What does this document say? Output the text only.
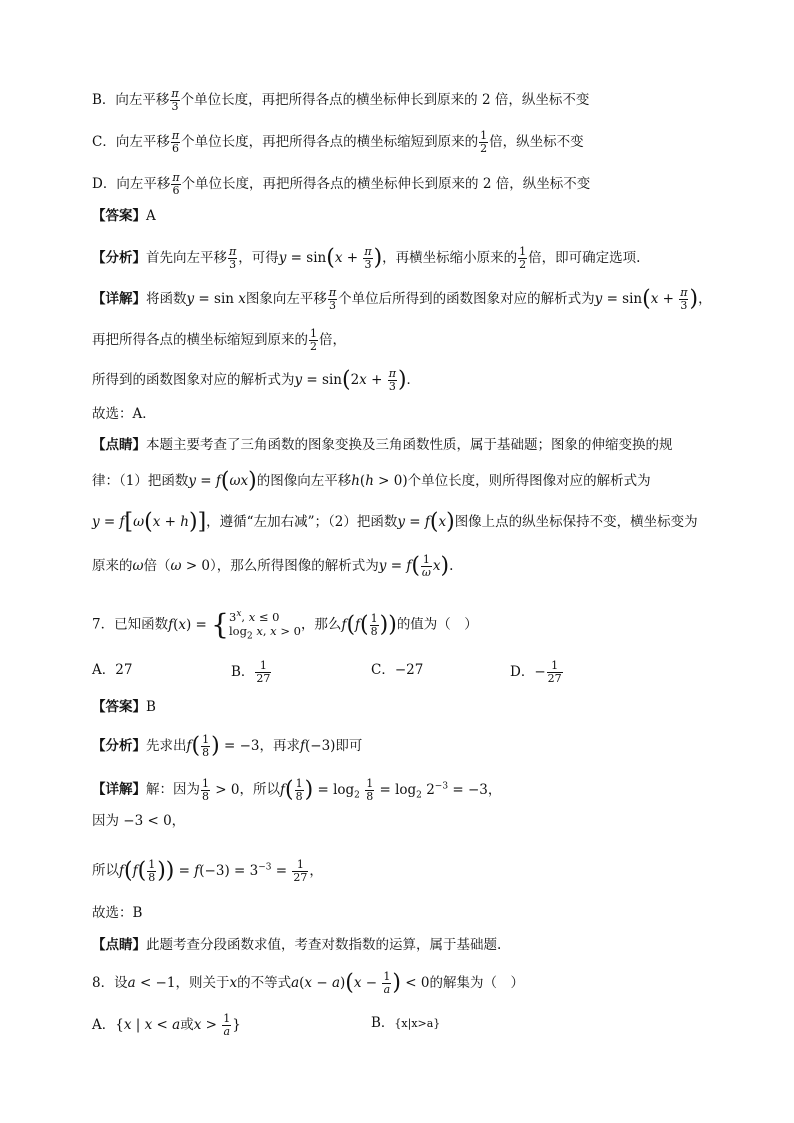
B．向左平移 $\frac{\pi}{3}$ 个单位长度，再把所得各点的横坐标伸长到原来的 2 倍，纵坐标不变
C．向左平移 $\frac{\pi}{6}$ 个单位长度，再把所得各点的横坐标缩短到原来的 $\frac{1}{2}$ 倍，纵坐标不变
D．向左平移 $\frac{\pi}{6}$ 个单位长度，再把所得各点的横坐标伸长到原来的 2 倍，纵坐标不变
【答案】A
【分析】首先向左平移 $\frac{\pi}{3}$ ，可得$y = \sin(x + \frac{\pi}{3}$ )，再横坐标缩小原来的 $\frac{1}{2}$ 倍，即可确定选项.
【详解】将函数y = sin x图象向左平移 $\frac{\pi}{3}$ 个单位后所得到的函数图象对应的解析式为$y = \sin(x + \frac{\pi}{3}$ )，
再把所得各点的横坐标缩短到原来的 $\frac{1}{2}$ 倍，
所得到的函数图象对应的解析式为$y = \sin(2x + \frac{\pi}{3}$ )．
故选：A．
【点睛】本题主要考查了三角函数的图象变换及三角函数性质，属于基础题；图象的伸缩变换的规
律：（1）把函数y = f(ωx)的图像向左平移h(h > 0)个单位长度，则所得图像对应的解析式为
y = f[ω(x + h)]，遵循“左加右减”；（2）把函数y = f(x)图像上点的纵坐标保持不变，横坐标变为
原来的ω倍（ω > 0），那么所得图像的解析式为$y = f( \frac{1}{\omega} x)$.
7．已知函数f(x) = { 3$^x$, x ≤ 0
$\log_2 x$, x > 0 ，那么$f(f( \frac{1}{8}$ ))的值为（　）
A．27	B． $\frac{1}{27}$	C．−27	D．− $\frac{1}{27}$
【答案】B
【分析】先求出$f( \frac{1}{8}$ ) = −3，再求f(−3)即可
【详解】解：因为 $\frac{1}{8} > 0$，所以$f( \frac{1}{8}$ ) = $\log_2 \frac{1}{8} = \log_2 2^{-3} = -3$，
因为 −3 < 0，
所以$f(f( \frac{1}{8}$ )) = $f(-3) = 3^{-3} = \frac{1}{27}$ ，
故选：B
【点睛】此题考查分段函数求值，考查对数指数的运算，属于基础题.
8．设a < −1，则关于x的不等式$a(x - a)(x - \frac{1}{a}$ ) < 0的解集为（　）
A．{x | x < a或$x > \frac{1}{a}$ }	B．{x|x>a}
